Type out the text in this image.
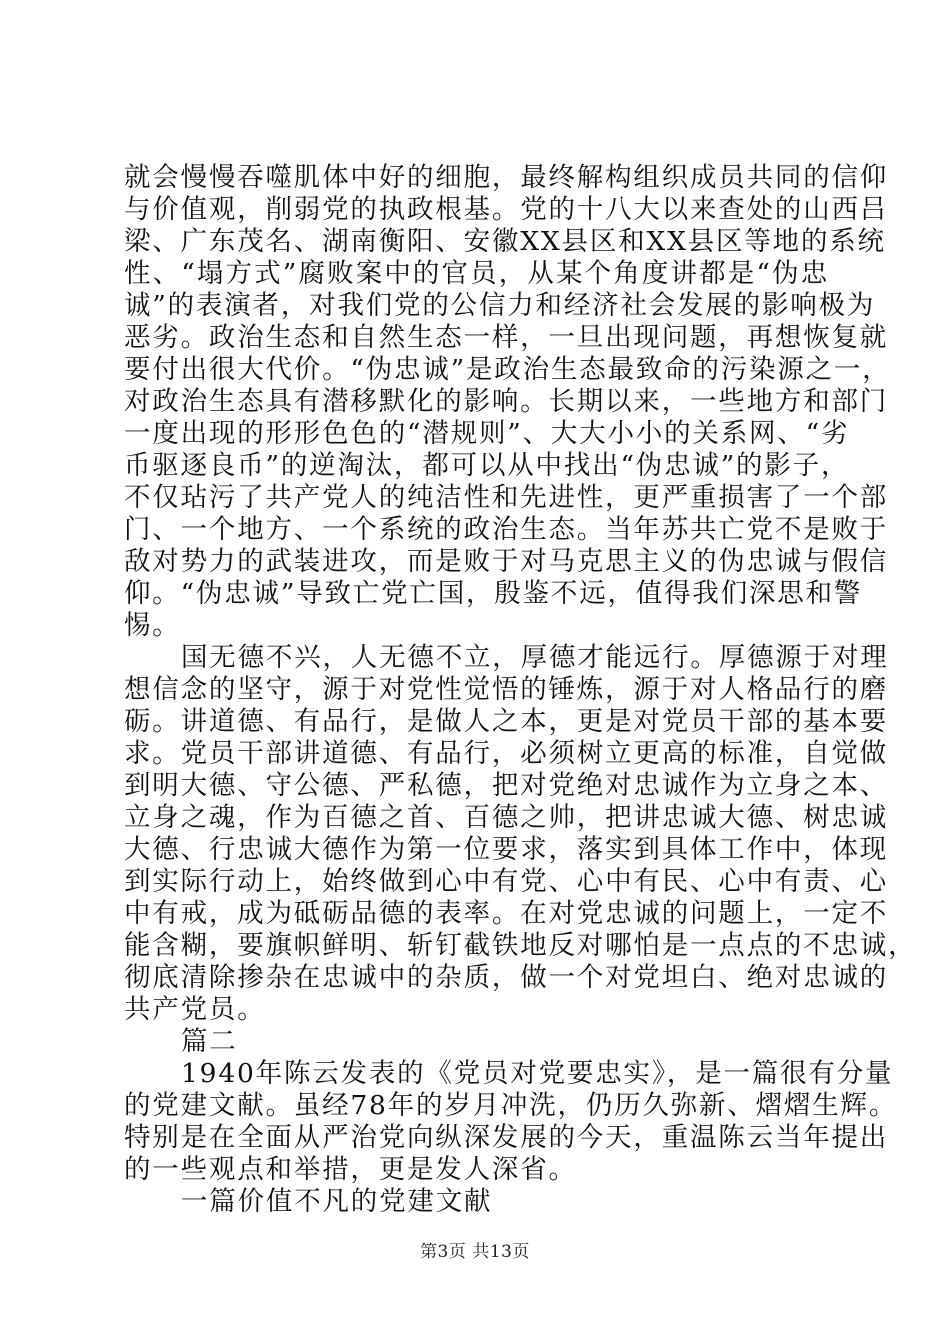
就会慢慢吞噬肌体中好的细胞，最终解构组织成员共同的信仰
与价值观，削弱党的执政根基。党的十八大以来查处的山西吕
梁、广东茂名、湖南衡阳、安徽XX县区和XX县区等地的系统
性、“塌方式”腐败案中的官员，从某个角度讲都是“伪忠
诚”的表演者，对我们党的公信力和经济社会发展的影响极为
恶劣。政治生态和自然生态一样，一旦出现问题，再想恢复就
要付出很大代价。“伪忠诚”是政治生态最致命的污染源之一，
对政治生态具有潜移默化的影响。长期以来，一些地方和部门
一度出现的形形色色的“潜规则”、大大小小的关系网、“劣
币驱逐良币”的逆淘汰，都可以从中找出“伪忠诚”的影子，
不仅玷污了共产党人的纯洁性和先进性，更严重损害了一个部
门、一个地方、一个系统的政治生态。当年苏共亡党不是败于
敌对势力的武装进攻，而是败于对马克思主义的伪忠诚与假信
仰。“伪忠诚”导致亡党亡国，殷鉴不远，值得我们深思和警
惕。
国无德不兴，人无德不立，厚德才能远行。厚德源于对理
想信念的坚守，源于对党性觉悟的锤炼，源于对人格品行的磨
砺。讲道德、有品行，是做人之本，更是对党员干部的基本要
求。党员干部讲道德、有品行，必须树立更高的标准，自觉做
到明大德、守公德、严私德，把对党绝对忠诚作为立身之本、
立身之魂，作为百德之首、百德之帅，把讲忠诚大德、树忠诚
大德、行忠诚大德作为第一位要求，落实到具体工作中，体现
到实际行动上，始终做到心中有党、心中有民、心中有责、心
中有戒，成为砥砺品德的表率。在对党忠诚的问题上，一定不
能含糊，要旗帜鲜明、斩钉截铁地反对哪怕是一点点的不忠诚，
彻底清除掺杂在忠诚中的杂质，做一个对党坦白、绝对忠诚的
共产党员。
篇二
1940年陈云发表的《党员对党要忠实》，是一篇很有分量
的党建文献。虽经78年的岁月冲洗，仍历久弥新、熠熠生辉。
特别是在全面从严治党向纵深发展的今天，重温陈云当年提出
的一些观点和举措，更是发人深省。
一篇价值不凡的党建文献
第3页 共13页
